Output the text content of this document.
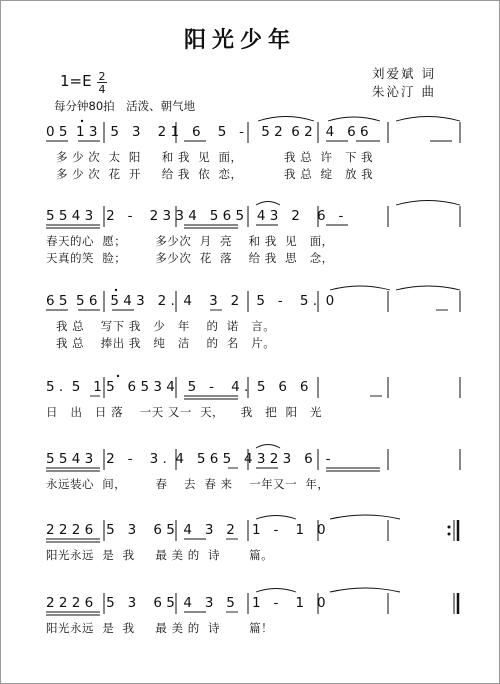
阳光少年
刘爱斌 词
朱沁汀 曲
1=E 2
4
每分钟80拍　活泼、朝气地
0 5  1 3   5   3    2 1   6    5   -    5 2  6 2   4   6 6
多 少 次  太  阳     和 我  见  面，          我 总  许   下 我
多 少 次  花  开     给 我  依  恋，          我 总  绽   放 我
5 5 4 3   2   -    2 3 3 4   5 6 5   4 3   2    6   -
春天的心  愿；       多少次  月  亮    和 我  见   面，
天真的笑  脸；       多少次  花  落    给 我  思   念，
6 5  5 6   5 4 3   2 .  4    3   2    5   -    5 .  0
我 总    写下 我   少   年    的  诺   言。
我 总    捧出 我   纯   洁    的  名   片。
5 .  5   1 5   6 5 3 4   5   -    4 .  5   6   6
日   出   日 落    一天 又一  天，    我   把  阳   光
5 5 4 3   2   -    3 .  4   5 6 5   4 3 2 3   6   -
永远装心  间，       春    去  春 来    一年又一  年，
2 2 2 6   5   3    6 5  4   3   2    1   -    1   0
阳光永远  是  我     最 美 的  诗       篇。
2 2 2 6   5   3    6 5  4   3   5    1   -    1   0
阳光永远  是  我     最 美 的  诗       篇！
